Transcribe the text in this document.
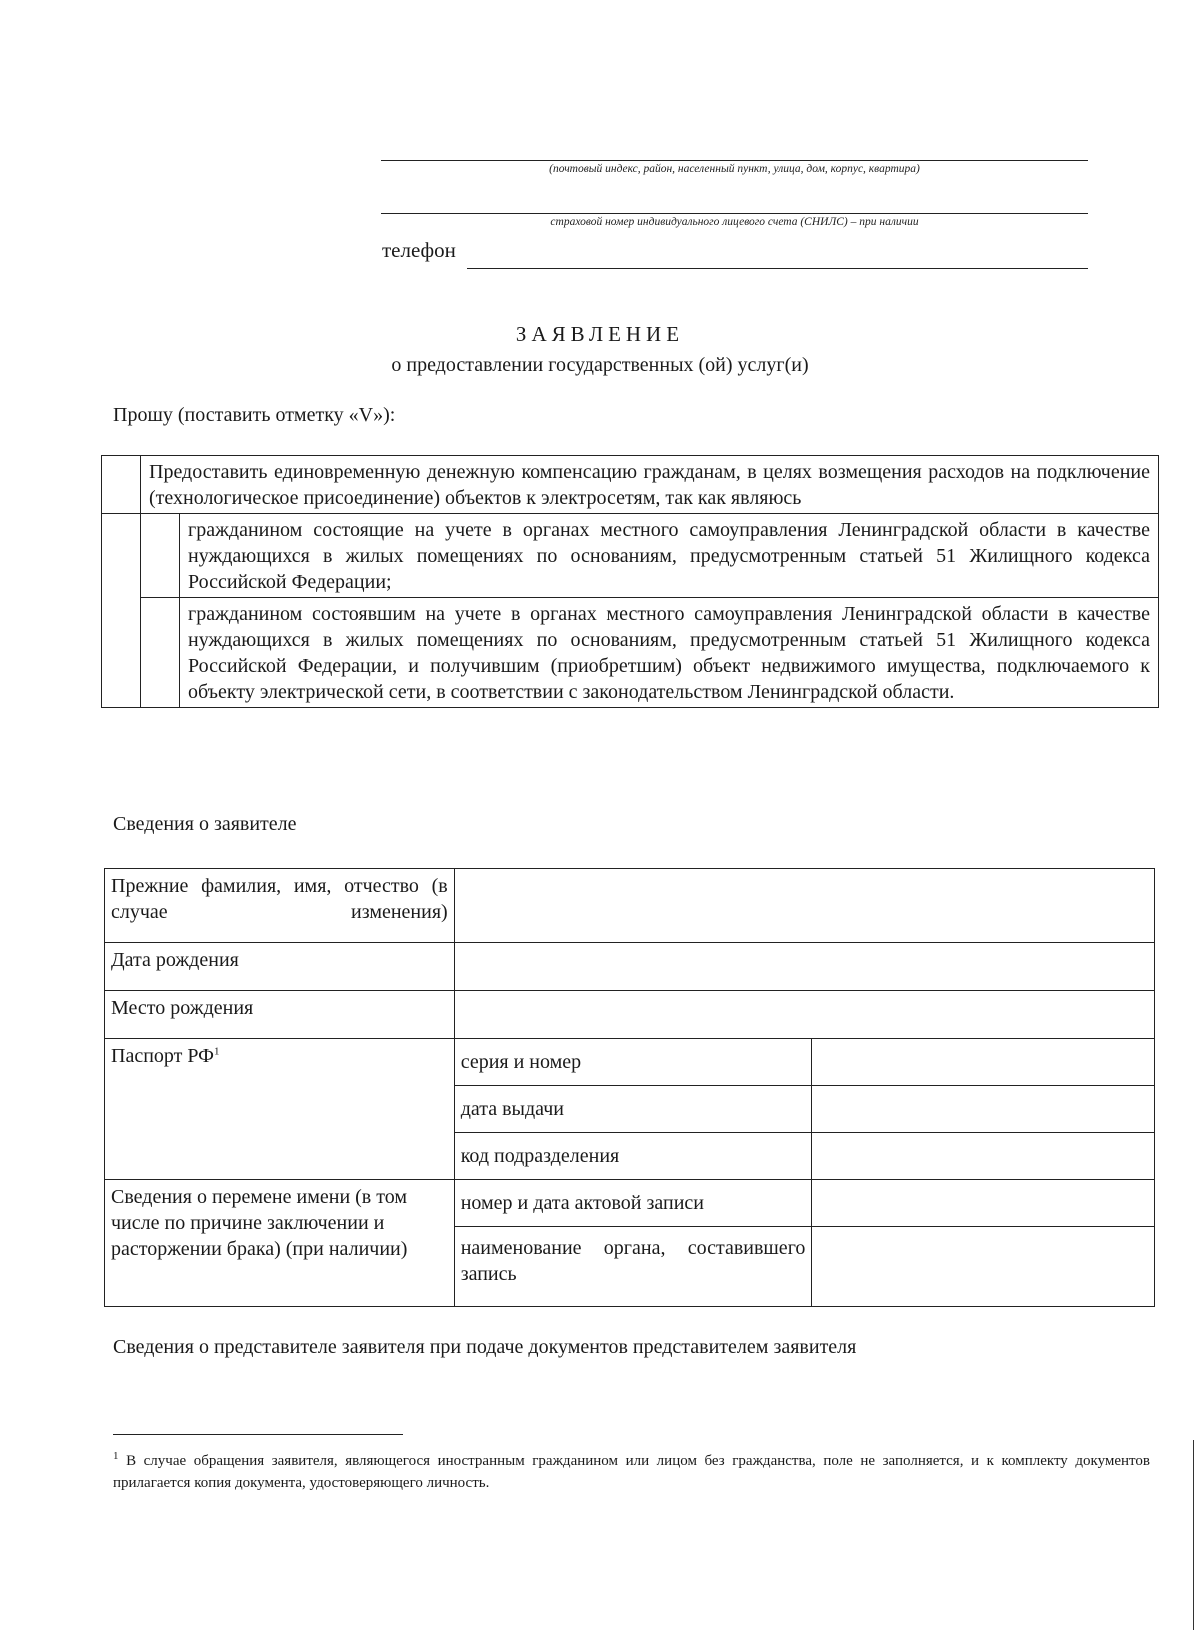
(почтовый индекс, район, населенный пункт, улица, дом, корпус, квартира)
страховой номер индивидуального лицевого счета (СНИЛС) – при наличии
телефон
ЗАЯВЛЕНИЕ
о предоставлении государственных (ой) услуг(и)
Прошу (поставить отметку «V»):
	Предоставить единовременную денежную компенсацию гражданам, в целях возмещения расходов на подключение (технологическое присоединение) объектов к электросетям, так как являюсь	
		гражданином состоящие на учете в органах местного самоуправления Ленинградской области в качестве нуждающихся в жилых помещениях по основаниям, предусмотренным статьей 51 Жилищного кодекса Российской Федерации;
		гражданином состоявшим на учете в органах местного самоуправления Ленинградской области в качестве нуждающихся в жилых помещениях по основаниям, предусмотренным статьей 51 Жилищного кодекса Российской Федерации, и получившим (приобретшим) объект недвижимого имущества, подключаемого к объекту электрической сети, в соответствии с законодательством Ленинградской области.
Сведения о заявителе
Прежние фамилия, имя, отчество (в случае изменения)		
Дата рождения		
Место рождения		
Паспорт $РФ^1$	серия и номер	
	дата выдачи	
	код подразделения	
Сведения о перемене имени (в том числе по причине заключении и расторжении брака) (при наличии)	номер и дата актовой записи	
	наименование органа, составившего запись	
Сведения о представителе заявителя при подаче документов представителем заявителя
$^1$ В случае обращения заявителя, являющегося иностранным гражданином или лицом без гражданства, поле не заполняется, и к комплекту документов прилагается копия документа, удостоверяющего личность.
